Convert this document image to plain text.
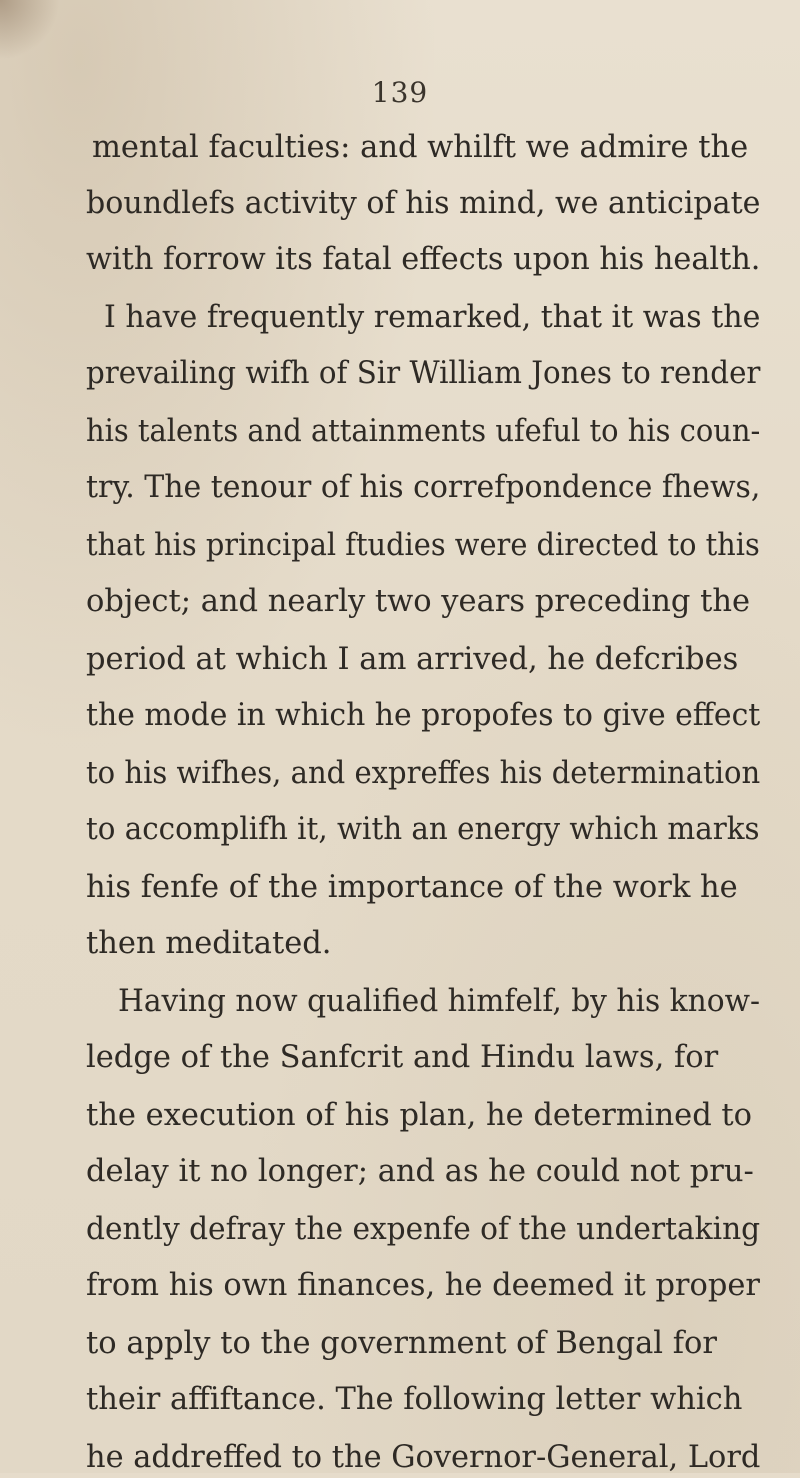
139
mental faculties: and whilft we admire the
boundlefs activity of his mind, we anticipate
with forrow its fatal effects upon his health.
I have frequently remarked, that it was the
prevailing wifh of Sir William Jones to render
his talents and attainments ufeful to his coun-
try. The tenour of his correfpondence fhews,
that his principal ftudies were directed to this
object; and nearly two years preceding the
period at which I am arrived, he defcribes
the mode in which he propofes to give effect
to his wifhes, and expreffes his determination
to accomplifh it, with an energy which marks
his fenfe of the importance of the work he
then meditated.
Having now qualified himfelf, by his know-
ledge of the Sanfcrit and Hindu laws, for
the execution of his plan, he determined to
delay it no longer; and as he could not pru-
dently defray the expenfe of the undertaking
from his own finances, he deemed it proper
to apply to the government of Bengal for
their affiftance. The following letter which
he addreffed to the Governor-General, Lord
